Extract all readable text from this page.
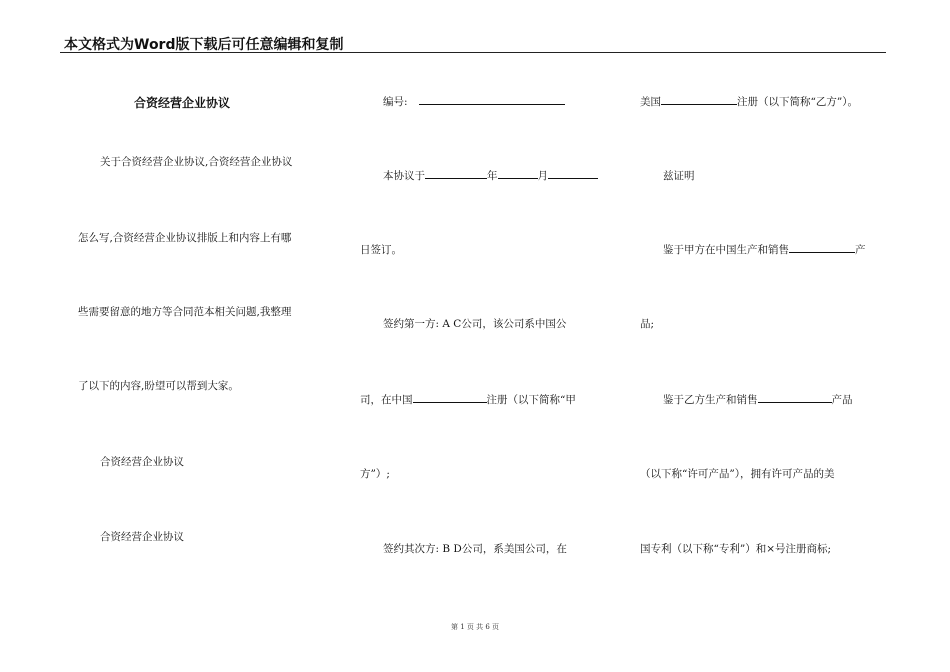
本文格式为Word版下载后可任意编辑和复制
合资经营企业协议
关于合资经营企业协议,合资经营企业协议
怎么写,合资经营企业协议排版上和内容上有哪
些需要留意的地方等合同范本相关问题,我整理
了以下的内容,盼望可以帮到大家。
合资经营企业协议
合资经营企业协议
编号:
本协议于	年	月
日签订。
签约第一方: A C公司，该公司系中国公
司，在中国	注册（以下简称“甲
方”）;
签约其次方: B D公司，系美国公司，在
美国	注册（以下简称“乙方”）。
兹证明
鉴于甲方在中国生产和销售	产
品;
鉴于乙方生产和销售	产品
（以下称“许可产品”），拥有许可产品的美
国专利（以下称“专利”）和×号注册商标;
第 1 页 共 6 页
